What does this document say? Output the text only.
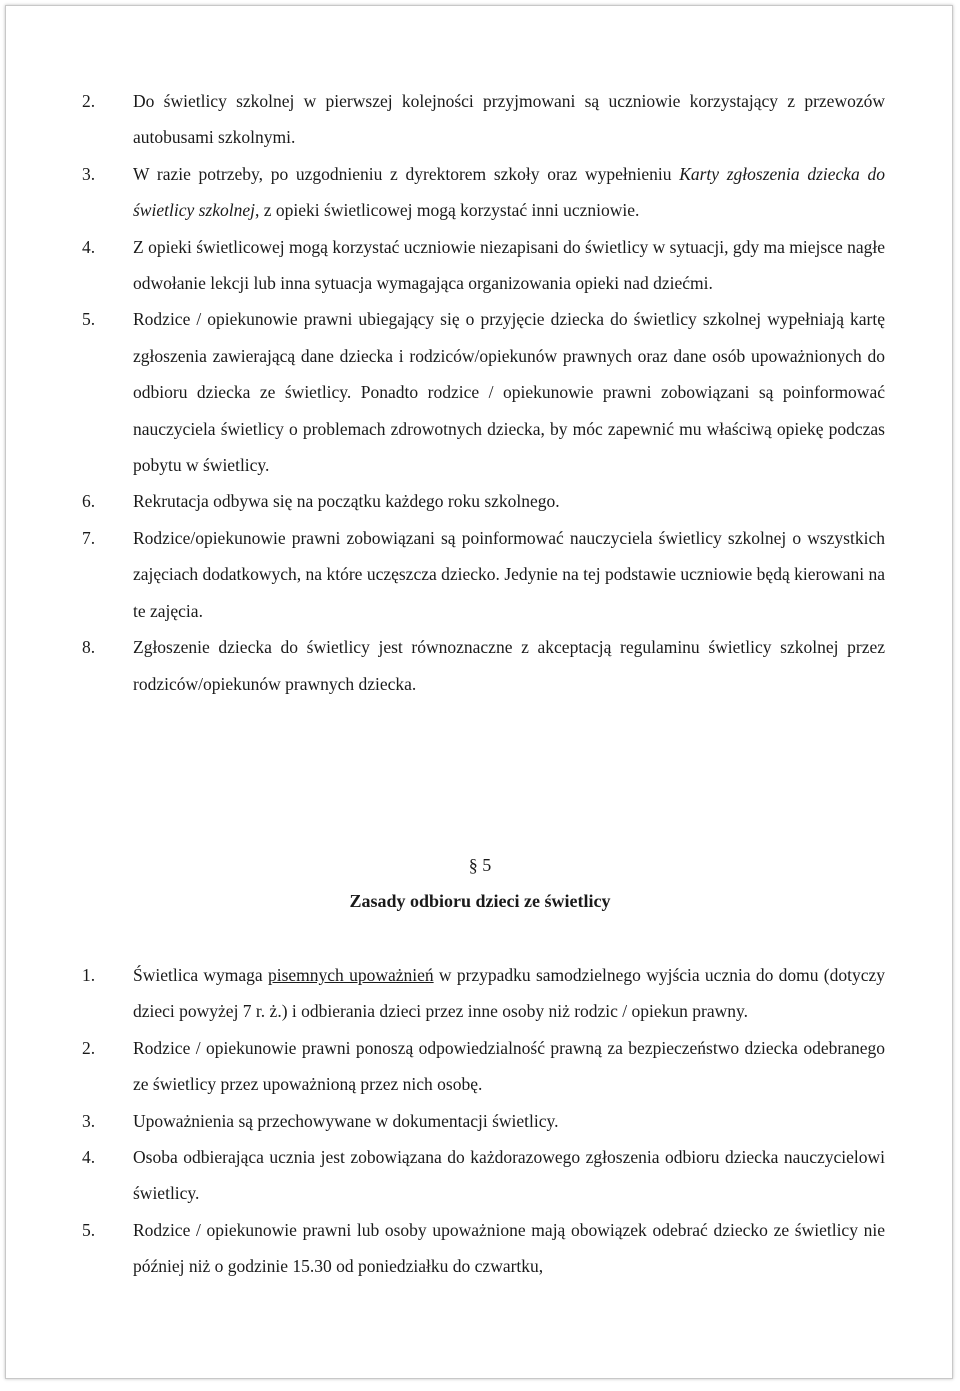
2.	Do świetlicy szkolnej w pierwszej kolejności przyjmowani są uczniowie korzystający z przewozów autobusami szkolnymi.
3.	W razie potrzeby, po uzgodnieniu z dyrektorem szkoły oraz wypełnieniu Karty zgłoszenia dziecka do świetlicy szkolnej, z opieki świetlicowej mogą korzystać inni uczniowie.
4.	Z opieki świetlicowej mogą korzystać uczniowie niezapisani do świetlicy w sytuacji, gdy ma miejsce nagłe odwołanie lekcji lub inna sytuacja wymagająca organizowania opieki nad dziećmi.
5.	Rodzice / opiekunowie prawni ubiegający się o przyjęcie dziecka do świetlicy szkolnej wypełniają kartę zgłoszenia zawierającą dane dziecka i rodziców/opiekunów prawnych oraz dane osób upoważnionych do odbioru dziecka ze świetlicy. Ponadto rodzice / opiekunowie prawni zobowiązani są poinformować nauczyciela świetlicy o problemach zdrowotnych dziecka, by móc zapewnić mu właściwą opiekę podczas pobytu w świetlicy.
6.	Rekrutacja odbywa się na początku każdego roku szkolnego.
7.	Rodzice/opiekunowie prawni zobowiązani są poinformować nauczyciela świetlicy szkolnej o wszystkich zajęciach dodatkowych, na które uczęszcza dziecko. Jedynie na tej podstawie uczniowie będą kierowani na te zajęcia.
8.	Zgłoszenie dziecka do świetlicy jest równoznaczne z akceptacją regulaminu świetlicy szkolnej przez rodziców/opiekunów prawnych dziecka.
§ 5
Zasady odbioru dzieci ze świetlicy
1.	Świetlica wymaga pisemnych upoważnień w przypadku samodzielnego wyjścia ucznia do domu (dotyczy dzieci powyżej 7 r. ż.) i odbierania dzieci przez inne osoby niż rodzic / opiekun prawny.
2.	Rodzice / opiekunowie prawni ponoszą odpowiedzialność prawną za bezpieczeństwo dziecka odebranego ze świetlicy przez upoważnioną przez nich osobę.
3.	Upoważnienia są przechowywane w dokumentacji świetlicy.
4.	Osoba odbierająca ucznia jest zobowiązana do każdorazowego zgłoszenia odbioru dziecka nauczycielowi świetlicy.
5.	Rodzice / opiekunowie prawni lub osoby upoważnione mają obowiązek odebrać dziecko ze świetlicy nie później niż o godzinie 15.30 od poniedziałku do czwartku,
